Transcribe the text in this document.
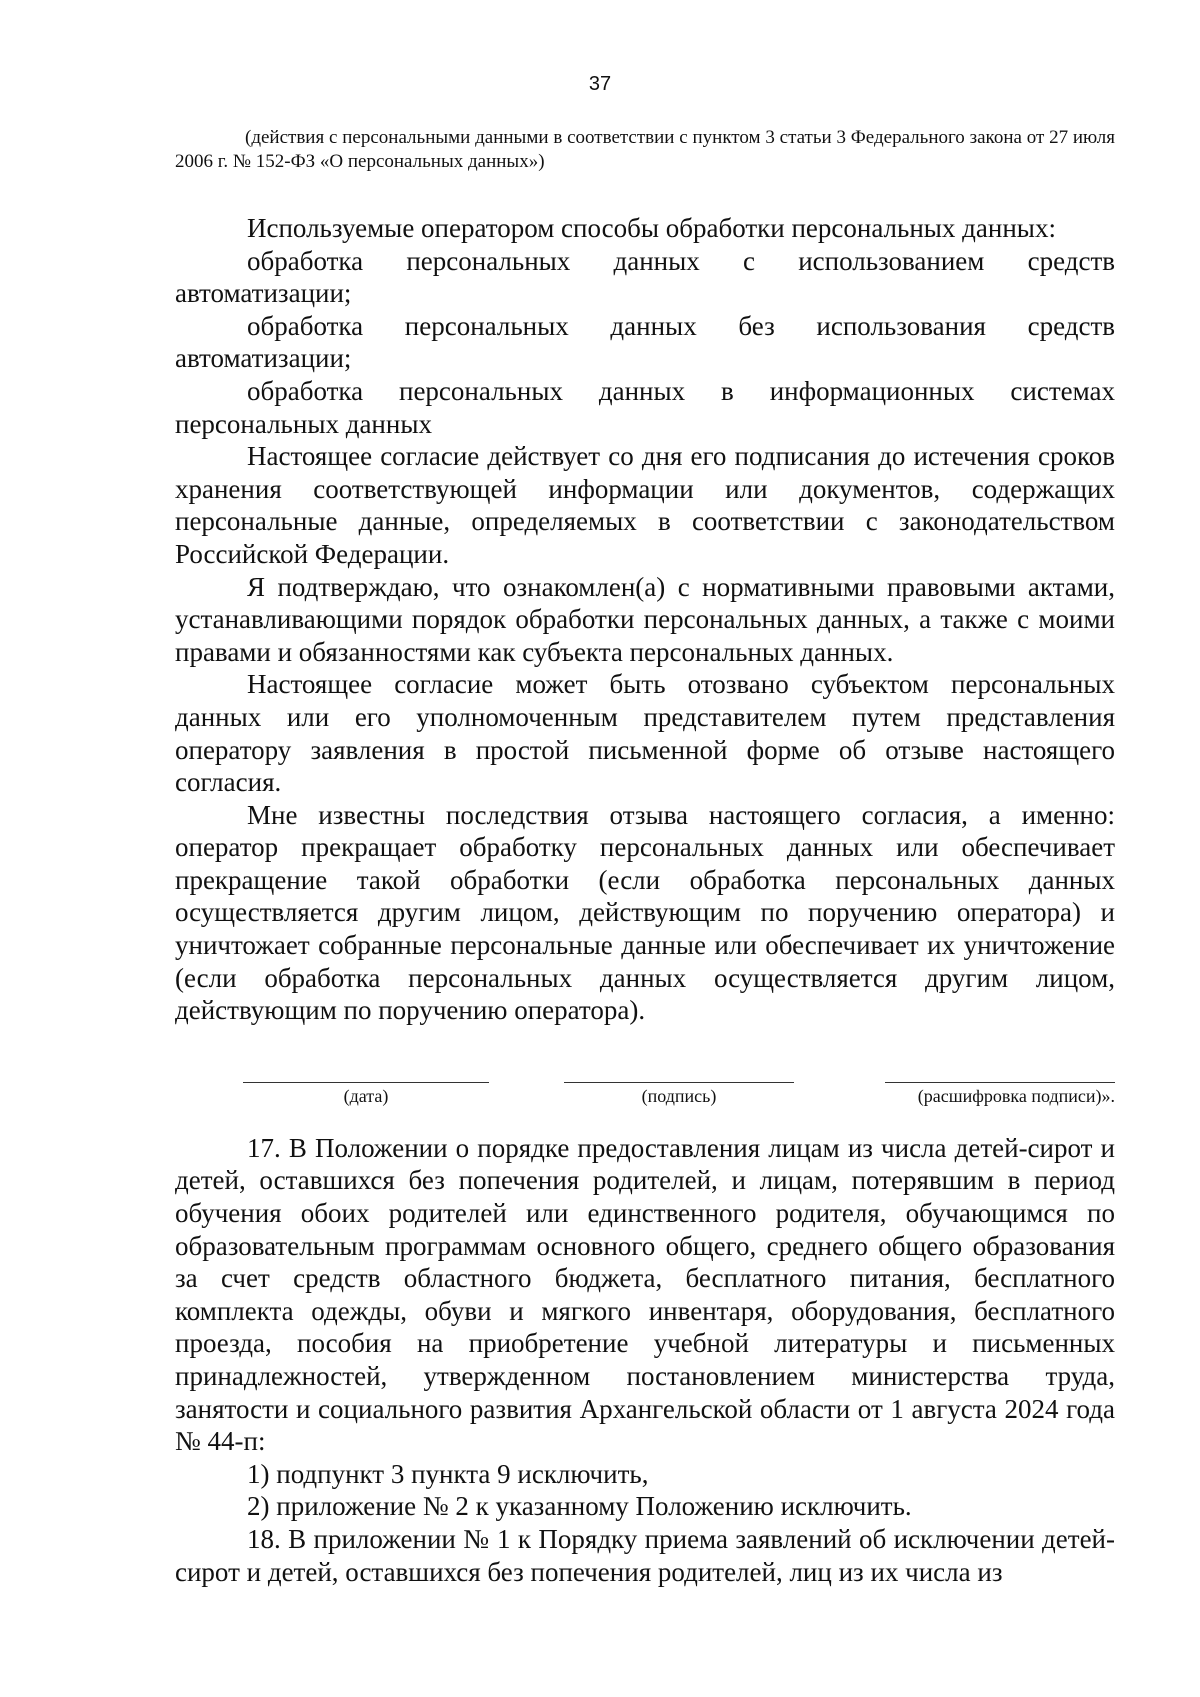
37

(действия с персональными данными в соответствии с пунктом 3 статьи 3 Федерального закона от 27 июля 2006 г. № 152-ФЗ «О персональных данных»)

Используемые оператором способы обработки персональных данных:

обработка персональных данных с использованием средств автоматизации;

обработка персональных данных без использования средств автоматизации;

обработка персональных данных в информационных системах персональных данных

Настоящее согласие действует со дня его подписания до истечения сроков хранения соответствующей информации или документов, содержащих персональные данные, определяемых в соответствии с законодательством Российской Федерации.

Я подтверждаю, что ознакомлен(а) с нормативными правовыми актами, устанавливающими порядок обработки персональных данных, а также с моими правами и обязанностями как субъекта персональных данных.

Настоящее согласие может быть отозвано субъектом персональных данных или его уполномоченным представителем путем представления оператору заявления в простой письменной форме об отзыве настоящего согласия.

Мне известны последствия отзыва настоящего согласия, а именно: оператор прекращает обработку персональных данных или обеспечивает прекращение такой обработки (если обработка персональных данных осуществляется другим лицом, действующим по поручению оператора) и уничтожает собранные персональные данные или обеспечивает их уничтожение (если обработка персональных данных осуществляется другим лицом, действующим по поручению оператора).

(дата)	(подпись)	(расшифровка подписи)».

17. В Положении о порядке предоставления лицам из числа детей-сирот и детей, оставшихся без попечения родителей, и лицам, потерявшим в период обучения обоих родителей или единственного родителя, обучающимся по образовательным программам основного общего, среднего общего образования за счет средств областного бюджета, бесплатного питания, бесплатного комплекта одежды, обуви и мягкого инвентаря, оборудования, бесплатного проезда, пособия на приобретение учебной литературы и письменных принадлежностей, утвержденном постановлением министерства труда, занятости и социального развития Архангельской области от 1 августа 2024 года № 44-п:

1) подпункт 3 пункта 9 исключить,

2) приложение № 2 к указанному Положению исключить.

18. В приложении № 1 к Порядку приема заявлений об исключении детей-сирот и детей, оставшихся без попечения родителей, лиц из их числа из
